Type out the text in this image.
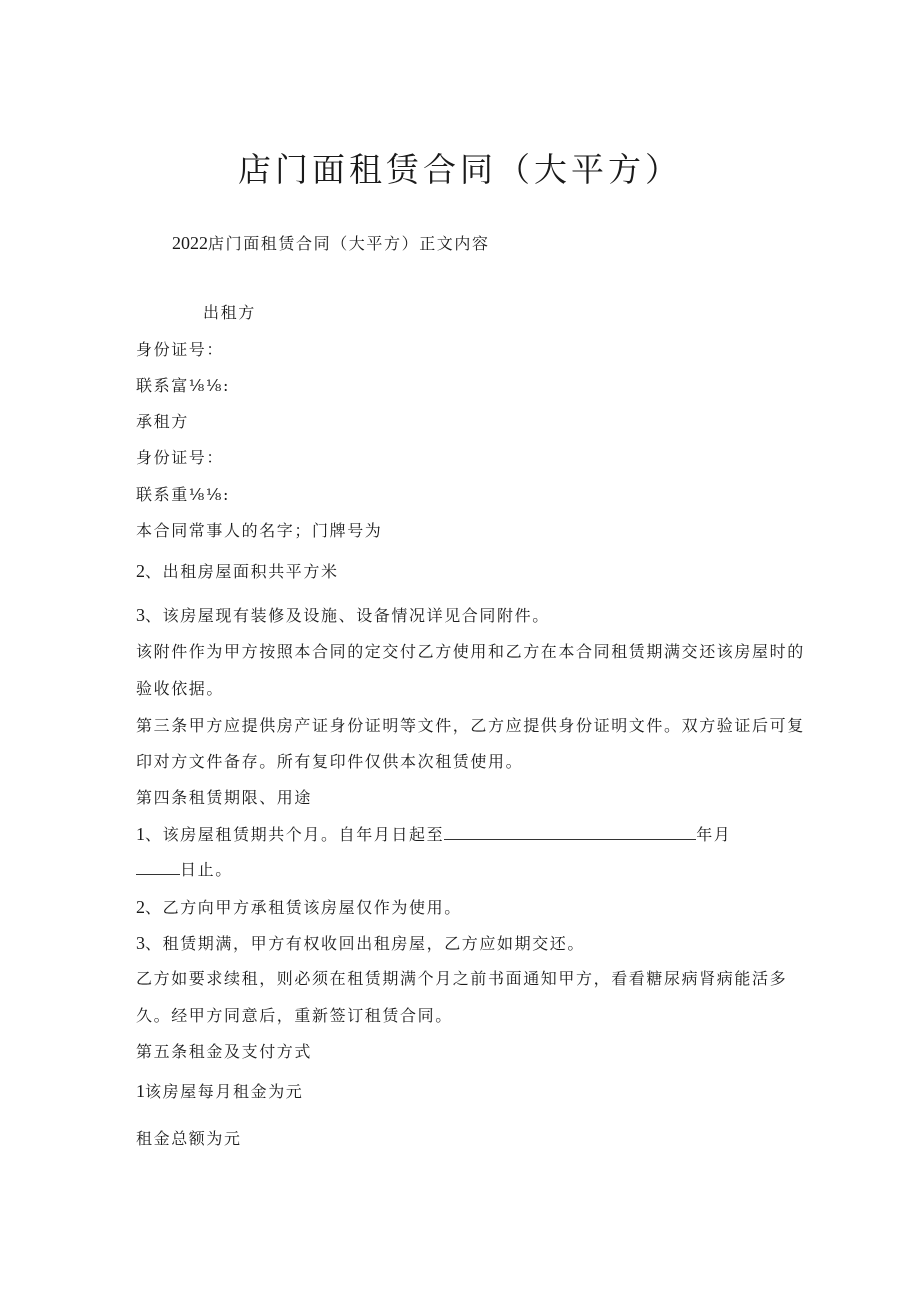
店门面租赁合同（大平方）
2022店门面租赁合同（大平方）正文内容
出租方
身份证号：
联系富⅛⅛:
承租方
身份证号：
联系重⅛⅛:
本合同常事人的名字；门牌号为
2、出租房屋面积共平方米
3、该房屋现有装修及设施、设备情况详见合同附件。
该附件作为甲方按照本合同的定交付乙方使用和乙方在本合同租赁期满交还该房屋时的
验收依据。
第三条甲方应提供房产证身份证明等文件，乙方应提供身份证明文件。双方验证后可复
印对方文件备存。所有复印件仅供本次租赁使用。
第四条租赁期限、用途
1、该房屋租赁期共个月。自年月日起至	年月
日止。
2、乙方向甲方承租赁该房屋仅作为使用。
3、租赁期满，甲方有权收回出租房屋，乙方应如期交还。
乙方如要求续租，则必须在租赁期满个月之前书面通知甲方，看看糖尿病肾病能活多
久。经甲方同意后，重新签订租赁合同。
第五条租金及支付方式
1该房屋每月租金为元
租金总额为元
